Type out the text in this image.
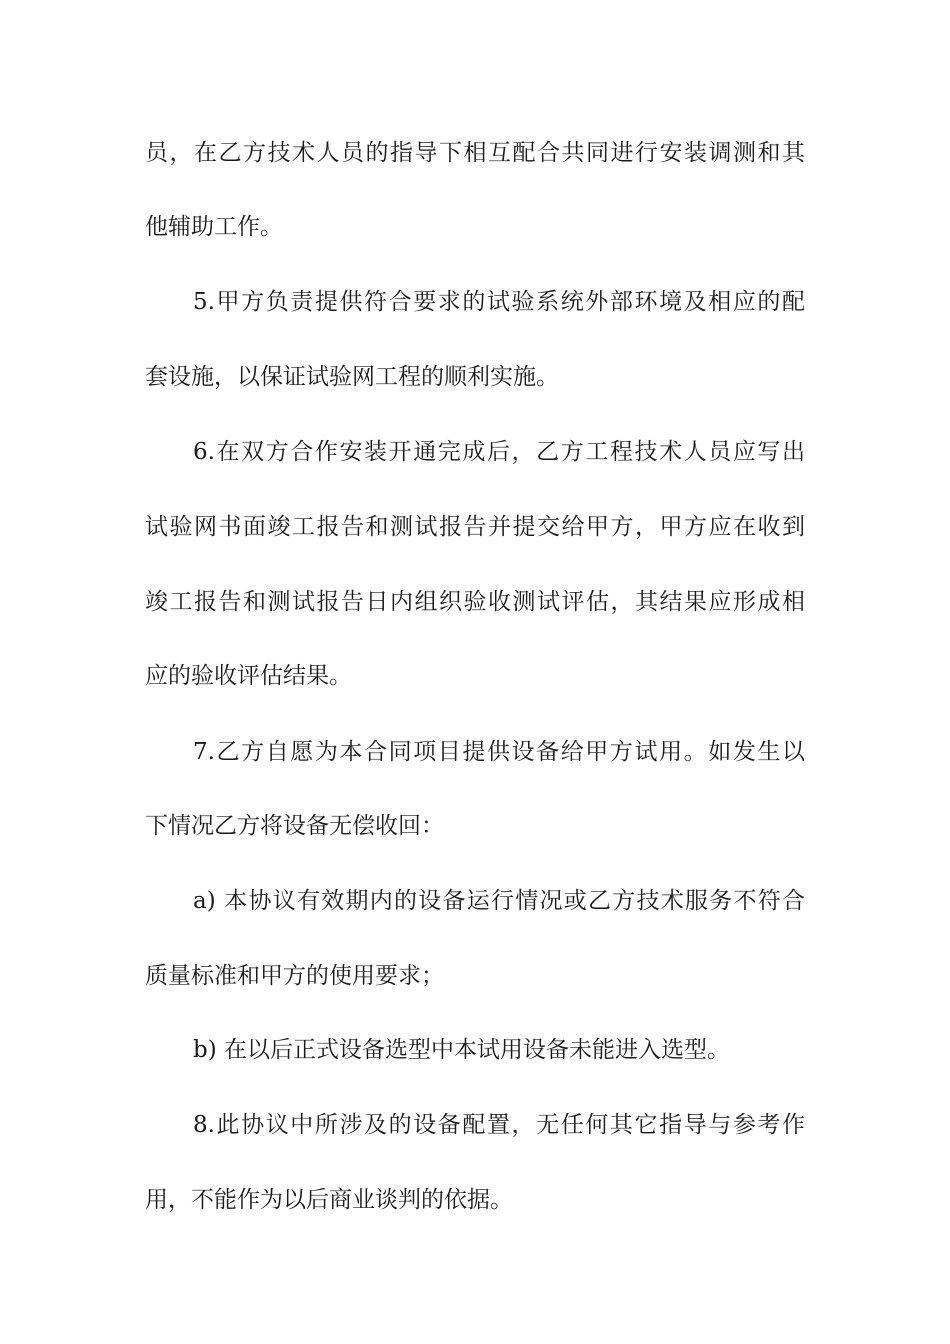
员，在乙方技术人员的指导下相互配合共同进行安装调测和其
他辅助工作。
5.甲方负责提供符合要求的试验系统外部环境及相应的配
套设施，以保证试验网工程的顺利实施。
6.在双方合作安装开通完成后，乙方工程技术人员应写出
试验网书面竣工报告和测试报告并提交给甲方，甲方应在收到
竣工报告和测试报告日内组织验收测试评估，其结果应形成相
应的验收评估结果。
7.乙方自愿为本合同项目提供设备给甲方试用。如发生以
下情况乙方将设备无偿收回：
a) 本协议有效期内的设备运行情况或乙方技术服务不符合
质量标准和甲方的使用要求；
b) 在以后正式设备选型中本试用设备未能进入选型。
8.此协议中所涉及的设备配置，无任何其它指导与参考作
用，不能作为以后商业谈判的依据。
